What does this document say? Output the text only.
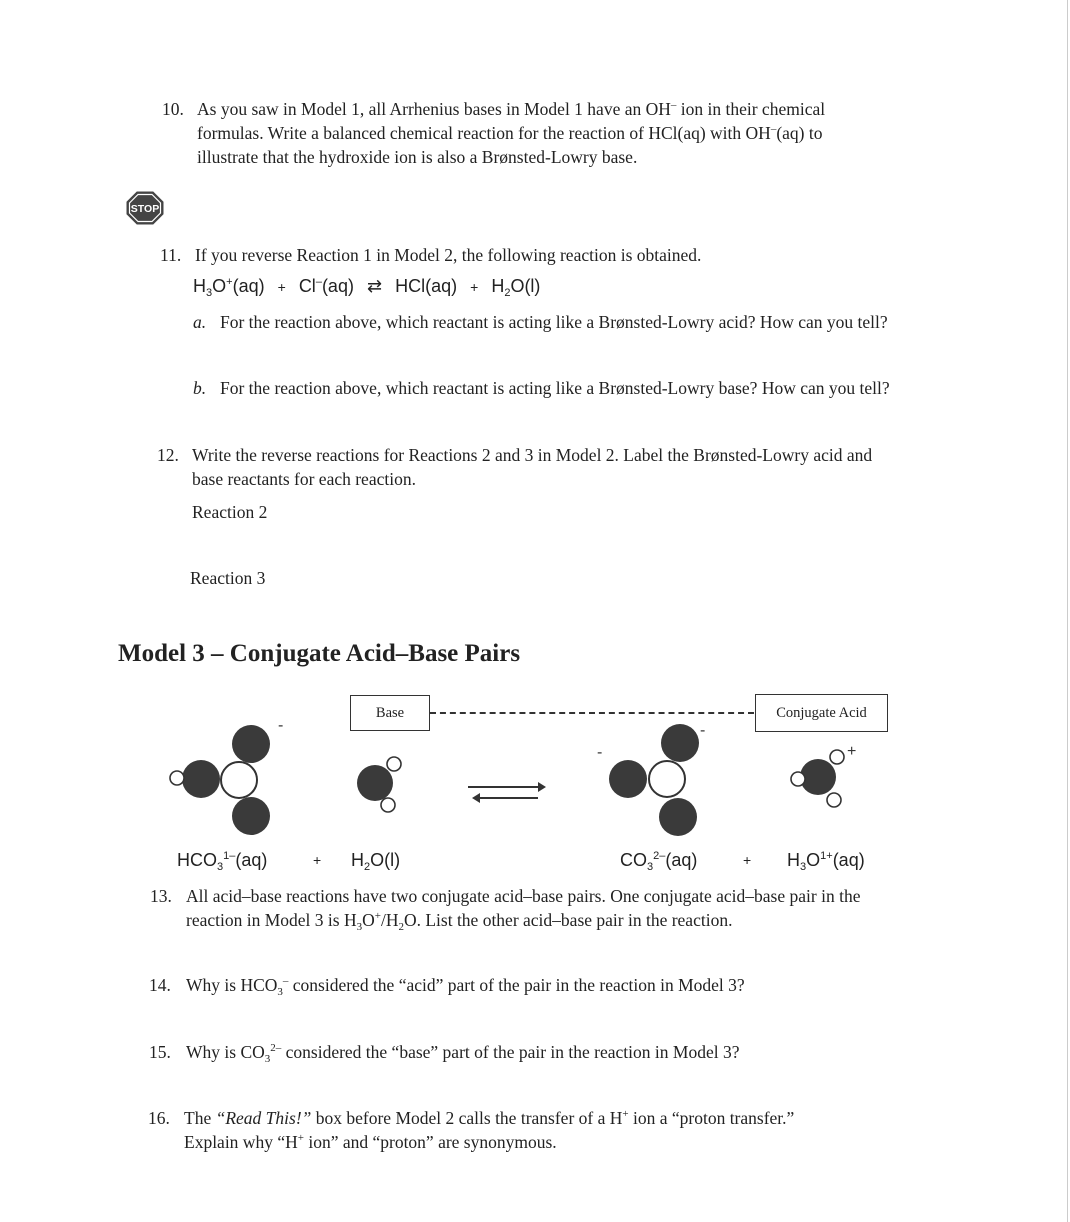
10. As you saw in Model 1, all Arrhenius bases in Model 1 have an OH– ion in their chemical
formulas. Write a balanced chemical reaction for the reaction of HCl(aq) with OH–(aq) to
illustrate that the hydroxide ion is also a Brønsted-Lowry base.
STOP
11. If you reverse Reaction 1 in Model 2, the following reaction is obtained.
$H_3O^+(aq) + Cl^-(aq)$ ⇄ $HCl(aq) + H_2O(l)$
a. For the reaction above, which reactant is acting like a Brønsted-Lowry acid? How can you tell?
b. For the reaction above, which reactant is acting like a Brønsted-Lowry base? How can you tell?
12. Write the reverse reactions for Reactions 2 and 3 in Model 2. Label the Brønsted-Lowry acid and
base reactants for each reaction.
Reaction 2
Reaction 3
Model 3 – Conjugate Acid–Base Pairs
Base	Conjugate Acid
-
-
-
+
$HCO_3^{1-}(aq)$	+ $H_2O(l)$	$CO_3^{2-}(aq)$	+ $H_3O^{1+}(aq)$
13. All acid–base reactions have two conjugate acid–base pairs. One conjugate acid–base pair in the
reaction in Model 3 is $H_3O^+/H_2O$. List the other acid–base pair in the reaction.
14. Why is $HCO_3^-$ considered the “acid” part of the pair in the reaction in Model 3?
15. Why is $CO_3^{2-}$ considered the “base” part of the pair in the reaction in Model 3?
16. The “Read This!” box before Model 2 calls the transfer of a H+ ion a “proton transfer.”
Explain why “H+ ion” and “proton” are synonymous.
